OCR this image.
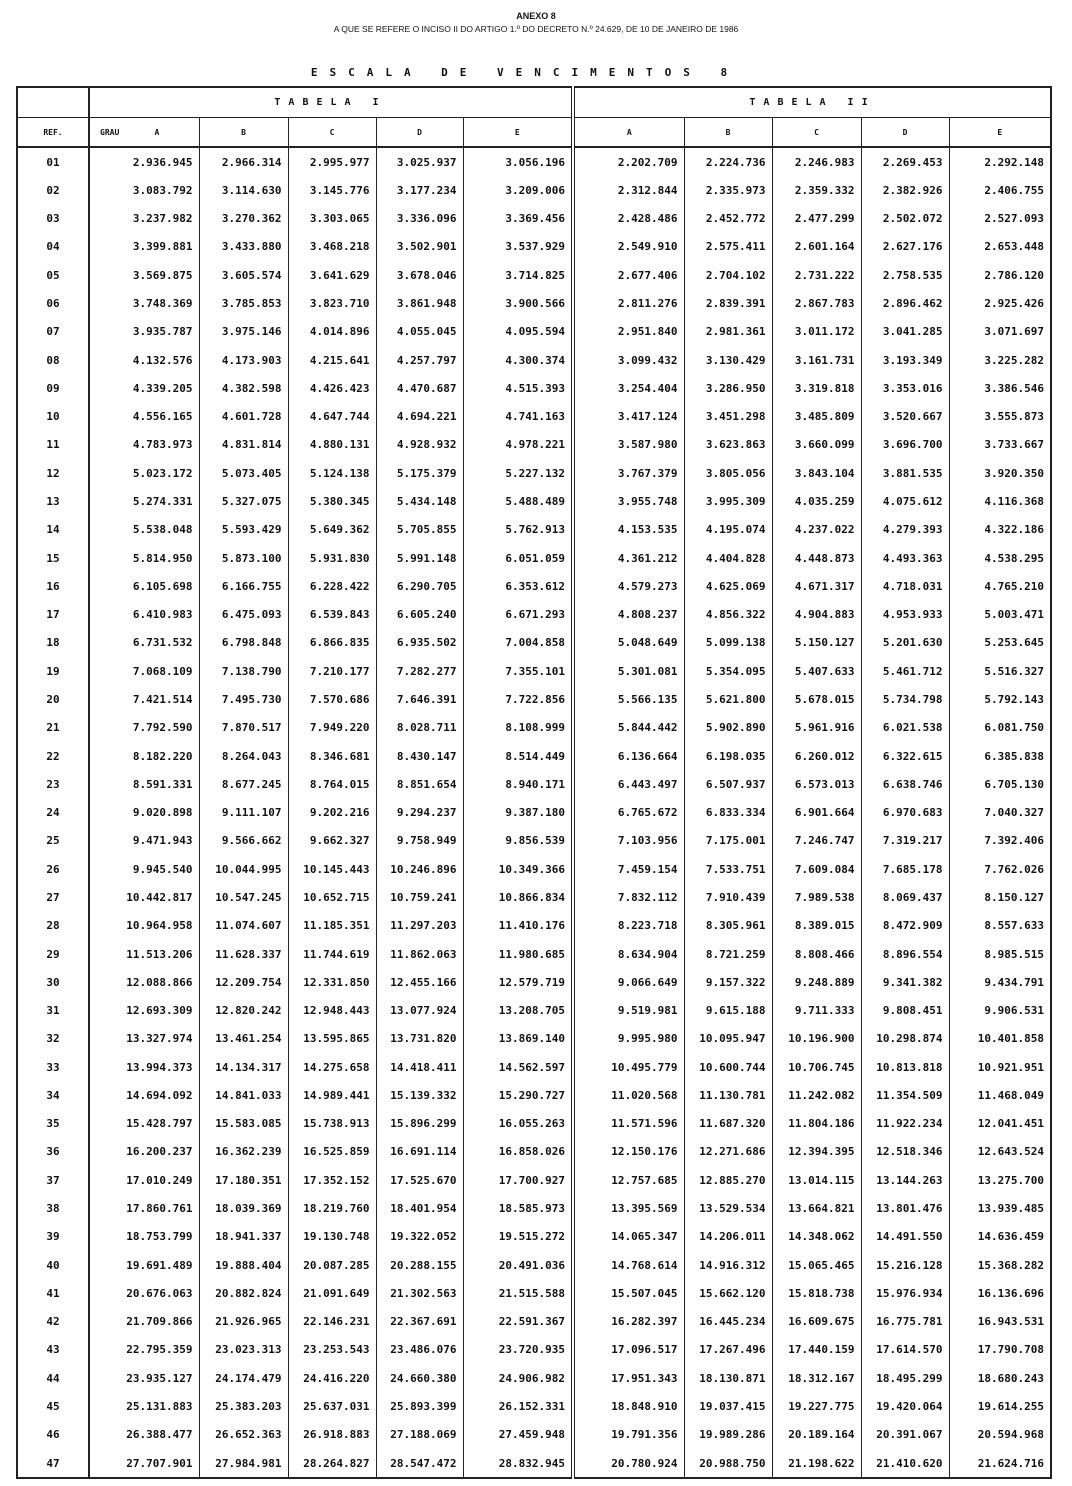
ANEXO 8
A QUE SE REFERE O INCISO II DO ARTIGO 1.º DO DECRETO N.º 24.629, DE 10 DE JANEIRO DE 1986
ESCALA DE VENCIMENTOS 8
	TABELA I					TABELA II				
REF.	GRAU A	B	C	D	E	A	B	C	D	E
01	2.936.945	2.966.314	2.995.977	3.025.937	3.056.196	2.202.709	2.224.736	2.246.983	2.269.453	2.292.148
02	3.083.792	3.114.630	3.145.776	3.177.234	3.209.006	2.312.844	2.335.973	2.359.332	2.382.926	2.406.755
03	3.237.982	3.270.362	3.303.065	3.336.096	3.369.456	2.428.486	2.452.772	2.477.299	2.502.072	2.527.093
04	3.399.881	3.433.880	3.468.218	3.502.901	3.537.929	2.549.910	2.575.411	2.601.164	2.627.176	2.653.448
05	3.569.875	3.605.574	3.641.629	3.678.046	3.714.825	2.677.406	2.704.102	2.731.222	2.758.535	2.786.120
06	3.748.369	3.785.853	3.823.710	3.861.948	3.900.566	2.811.276	2.839.391	2.867.783	2.896.462	2.925.426
07	3.935.787	3.975.146	4.014.896	4.055.045	4.095.594	2.951.840	2.981.361	3.011.172	3.041.285	3.071.697
08	4.132.576	4.173.903	4.215.641	4.257.797	4.300.374	3.099.432	3.130.429	3.161.731	3.193.349	3.225.282
09	4.339.205	4.382.598	4.426.423	4.470.687	4.515.393	3.254.404	3.286.950	3.319.818	3.353.016	3.386.546
10	4.556.165	4.601.728	4.647.744	4.694.221	4.741.163	3.417.124	3.451.298	3.485.809	3.520.667	3.555.873
11	4.783.973	4.831.814	4.880.131	4.928.932	4.978.221	3.587.980	3.623.863	3.660.099	3.696.700	3.733.667
12	5.023.172	5.073.405	5.124.138	5.175.379	5.227.132	3.767.379	3.805.056	3.843.104	3.881.535	3.920.350
13	5.274.331	5.327.075	5.380.345	5.434.148	5.488.489	3.955.748	3.995.309	4.035.259	4.075.612	4.116.368
14	5.538.048	5.593.429	5.649.362	5.705.855	5.762.913	4.153.535	4.195.074	4.237.022	4.279.393	4.322.186
15	5.814.950	5.873.100	5.931.830	5.991.148	6.051.059	4.361.212	4.404.828	4.448.873	4.493.363	4.538.295
16	6.105.698	6.166.755	6.228.422	6.290.705	6.353.612	4.579.273	4.625.069	4.671.317	4.718.031	4.765.210
17	6.410.983	6.475.093	6.539.843	6.605.240	6.671.293	4.808.237	4.856.322	4.904.883	4.953.933	5.003.471
18	6.731.532	6.798.848	6.866.835	6.935.502	7.004.858	5.048.649	5.099.138	5.150.127	5.201.630	5.253.645
19	7.068.109	7.138.790	7.210.177	7.282.277	7.355.101	5.301.081	5.354.095	5.407.633	5.461.712	5.516.327
20	7.421.514	7.495.730	7.570.686	7.646.391	7.722.856	5.566.135	5.621.800	5.678.015	5.734.798	5.792.143
21	7.792.590	7.870.517	7.949.220	8.028.711	8.108.999	5.844.442	5.902.890	5.961.916	6.021.538	6.081.750
22	8.182.220	8.264.043	8.346.681	8.430.147	8.514.449	6.136.664	6.198.035	6.260.012	6.322.615	6.385.838
23	8.591.331	8.677.245	8.764.015	8.851.654	8.940.171	6.443.497	6.507.937	6.573.013	6.638.746	6.705.130
24	9.020.898	9.111.107	9.202.216	9.294.237	9.387.180	6.765.672	6.833.334	6.901.664	6.970.683	7.040.327
25	9.471.943	9.566.662	9.662.327	9.758.949	9.856.539	7.103.956	7.175.001	7.246.747	7.319.217	7.392.406
26	9.945.540	10.044.995	10.145.443	10.246.896	10.349.366	7.459.154	7.533.751	7.609.084	7.685.178	7.762.026
27	10.442.817	10.547.245	10.652.715	10.759.241	10.866.834	7.832.112	7.910.439	7.989.538	8.069.437	8.150.127
28	10.964.958	11.074.607	11.185.351	11.297.203	11.410.176	8.223.718	8.305.961	8.389.015	8.472.909	8.557.633
29	11.513.206	11.628.337	11.744.619	11.862.063	11.980.685	8.634.904	8.721.259	8.808.466	8.896.554	8.985.515
30	12.088.866	12.209.754	12.331.850	12.455.166	12.579.719	9.066.649	9.157.322	9.248.889	9.341.382	9.434.791
31	12.693.309	12.820.242	12.948.443	13.077.924	13.208.705	9.519.981	9.615.188	9.711.333	9.808.451	9.906.531
32	13.327.974	13.461.254	13.595.865	13.731.820	13.869.140	9.995.980	10.095.947	10.196.900	10.298.874	10.401.858
33	13.994.373	14.134.317	14.275.658	14.418.411	14.562.597	10.495.779	10.600.744	10.706.745	10.813.818	10.921.951
34	14.694.092	14.841.033	14.989.441	15.139.332	15.290.727	11.020.568	11.130.781	11.242.082	11.354.509	11.468.049
35	15.428.797	15.583.085	15.738.913	15.896.299	16.055.263	11.571.596	11.687.320	11.804.186	11.922.234	12.041.451
36	16.200.237	16.362.239	16.525.859	16.691.114	16.858.026	12.150.176	12.271.686	12.394.395	12.518.346	12.643.524
37	17.010.249	17.180.351	17.352.152	17.525.670	17.700.927	12.757.685	12.885.270	13.014.115	13.144.263	13.275.700
38	17.860.761	18.039.369	18.219.760	18.401.954	18.585.973	13.395.569	13.529.534	13.664.821	13.801.476	13.939.485
39	18.753.799	18.941.337	19.130.748	19.322.052	19.515.272	14.065.347	14.206.011	14.348.062	14.491.550	14.636.459
40	19.691.489	19.888.404	20.087.285	20.288.155	20.491.036	14.768.614	14.916.312	15.065.465	15.216.128	15.368.282
41	20.676.063	20.882.824	21.091.649	21.302.563	21.515.588	15.507.045	15.662.120	15.818.738	15.976.934	16.136.696
42	21.709.866	21.926.965	22.146.231	22.367.691	22.591.367	16.282.397	16.445.234	16.609.675	16.775.781	16.943.531
43	22.795.359	23.023.313	23.253.543	23.486.076	23.720.935	17.096.517	17.267.496	17.440.159	17.614.570	17.790.708
44	23.935.127	24.174.479	24.416.220	24.660.380	24.906.982	17.951.343	18.130.871	18.312.167	18.495.299	18.680.243
45	25.131.883	25.383.203	25.637.031	25.893.399	26.152.331	18.848.910	19.037.415	19.227.775	19.420.064	19.614.255
46	26.388.477	26.652.363	26.918.883	27.188.069	27.459.948	19.791.356	19.989.286	20.189.164	20.391.067	20.594.968
47	27.707.901	27.984.981	28.264.827	28.547.472	28.832.945	20.780.924	20.988.750	21.198.622	21.410.620	21.624.716
